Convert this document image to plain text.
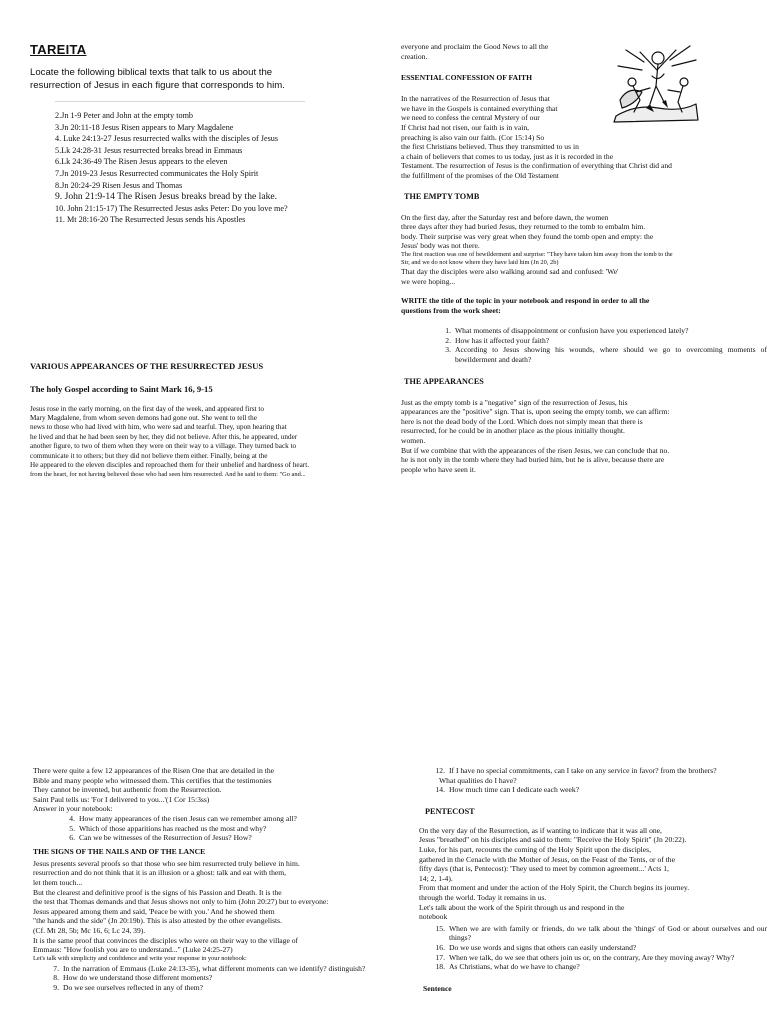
TAREITA
Locate the following biblical texts that talk to us about the resurrection of Jesus in each figure that corresponds to him.
2.Jn 1-9 Peter and John at the empty tomb
3.Jn 20:11-18 Jesus Risen appears to Mary Magdalene
4. Luke 24:13-27 Jesus resurrected walks with the disciples of Jesus
5.Lk 24:28-31 Jesus resurrected breaks bread in Emmaus
6.Lk 24:36-49 The Risen Jesus appears to the eleven
7.Jn 2019-23 Jesus Resurrected communicates the Holy Spirit
8.Jn 20:24-29 Risen Jesus and Thomas
9. John 21:9-14 The Risen Jesus breaks bread by the lake.
10. John 21:15-17) The Resurrected Jesus asks Peter: Do you love me?
11. Mt 28:16-20 The Resurrected Jesus sends his Apostles

VARIOUS APPEARANCES OF THE RESURRECTED JESUS

The holy Gospel according to Saint Mark 16, 9-15

Jesus rose in the early morning, on the first day of the week, and appeared first to

Mary Magdalene, from whom seven demons had gone out. She went to tell the

news to those who had lived with him, who were sad and tearful. They, upon hearing that

he lived and that he had been seen by her, they did not believe. After this, he appeared, under

another figure, to two of them when they were on their way to a village. They turned back to

communicate it to others; but they did not believe them either. Finally, being at the

He appeared to the eleven disciples and reproached them for their unbelief and hardness of heart.

from the heart, for not having believed those who had seen him resurrected. And he said to them: "Go and...

everyone and proclaim the Good News to all the

creation.

ESSENTIAL CONFESSION OF FAITH

In the narratives of the Resurrection of Jesus that

we have in the Gospels is contained everything that

we need to confess the central Mystery of our

If Christ had not risen, our faith is in vain,

preaching is also vain our faith. (Cor 15:14) So

the first Christians believed. Thus they transmitted to us in

a chain of believers that comes to us today, just as it is recorded in the

Testament. The resurrection of Jesus is the confirmation of everything that Christ did and

the fulfillment of the promises of the Old Testament

THE EMPTY TOMB

On the first day, after the Saturday rest and before dawn, the women

three days after they had buried Jesus, they returned to the tomb to embalm him.

body. Their surprise was very great when they found the tomb open and empty: the

Jesus' body was not there.

The first reaction was one of bewilderment and surprise: "They have taken him away from the tomb to the

Sir, and we do not know where they have laid him (Jn 20, 2b)

That day the disciples were also walking around sad and confused: 'We'

we were hoping...

WRITE the title of the topic in your notebook and respond in order to all the

questions from the work sheet:

1. What moments of disappointment or confusion have you experienced lately?
2. How has it affected your faith?
3. According to Jesus showing his wounds, where should we go to overcoming moments of bewilderment and death?

THE APPEARANCES

Just as the empty tomb is a "negative" sign of the resurrection of Jesus, his

appearances are the "positive" sign. That is, upon seeing the empty tomb, we can affirm:

here is not the dead body of the Lord. Which does not simply mean that there is

resurrected, for he could be in another place as the pious initially thought.

women.

But if we combine that with the appearances of the risen Jesus, we can conclude that no.

he is not only in the tomb where they had buried him, but he is alive, because there are

people who have seen it.

There were quite a few 12 appearances of the Risen One that are detailed in the

Bible and many people who witnessed them. This certifies that the testimonies

They cannot be invented, but authentic from the Resurrection.

Saint Paul tells us: 'For I delivered to you...'(1 Cor 15:3ss)

Answer in your notebook:

4. How many appearances of the risen Jesus can we remember among all?
5. Which of those apparitions has reached us the most and why?
6. Can we be witnesses of the Resurrection of Jesus? How?

THE SIGNS OF THE NAILS AND OF THE LANCE

Jesus presents several proofs so that those who see him resurrected truly believe in him.

resurrection and do not think that it is an illusion or a ghost: talk and eat with them,

let them touch...

But the clearest and definitive proof is the signs of his Passion and Death. It is the

the test that Thomas demands and that Jesus shows not only to him (John 20:27) but to everyone:

Jesus appeared among them and said, 'Peace be with you.' And he showed them

"the hands and the side" (Jn 20:19b). This is also attested by the other evangelists.

(Cf. Mt 28, 5b; Mc 16, 6; Lc 24, 39).

It is the same proof that convinces the disciples who were on their way to the village of

Emmaus: "How foolish you are to understand..." (Luke 24:25-27)

Let's talk with simplicity and confidence and write your response in your notebook:

7. In the narration of Emmaus (Luke 24:13-35), what different moments can we identify? distinguish?
8. How do we understand those different moments?
9. Do we see ourselves reflected in any of them?
12. If I have no special commitments, can I take on any service in favor? from the brothers?

What qualities do I have?

14. How much time can I dedicate each week?

PENTECOST

On the very day of the Resurrection, as if wanting to indicate that it was all one,

Jesus "breathed" on his disciples and said to them: "Receive the Holy Spirit" (Jn 20:22).

Luke, for his part, recounts the coming of the Holy Spirit upon the disciples,

gathered in the Cenacle with the Mother of Jesus, on the Feast of the Tents, or of the

fifty days (that is, Pentecost): 'They used to meet by common agreement...' Acts 1,

14; 2, 1-4).

From that moment and under the action of the Holy Spirit, the Church begins its journey.

through the world. Today it remains in us.

Let's talk about the work of the Spirit through us and respond in the

notebook

15. When we are with family or friends, do we talk about the 'things' of God or about ourselves and our things?
16. Do we use words and signs that others can easily understand?
17. When we talk, do we see that others join us or, on the contrary, Are they moving away? Why?
18. As Christians, what do we have to change?

Sentence
